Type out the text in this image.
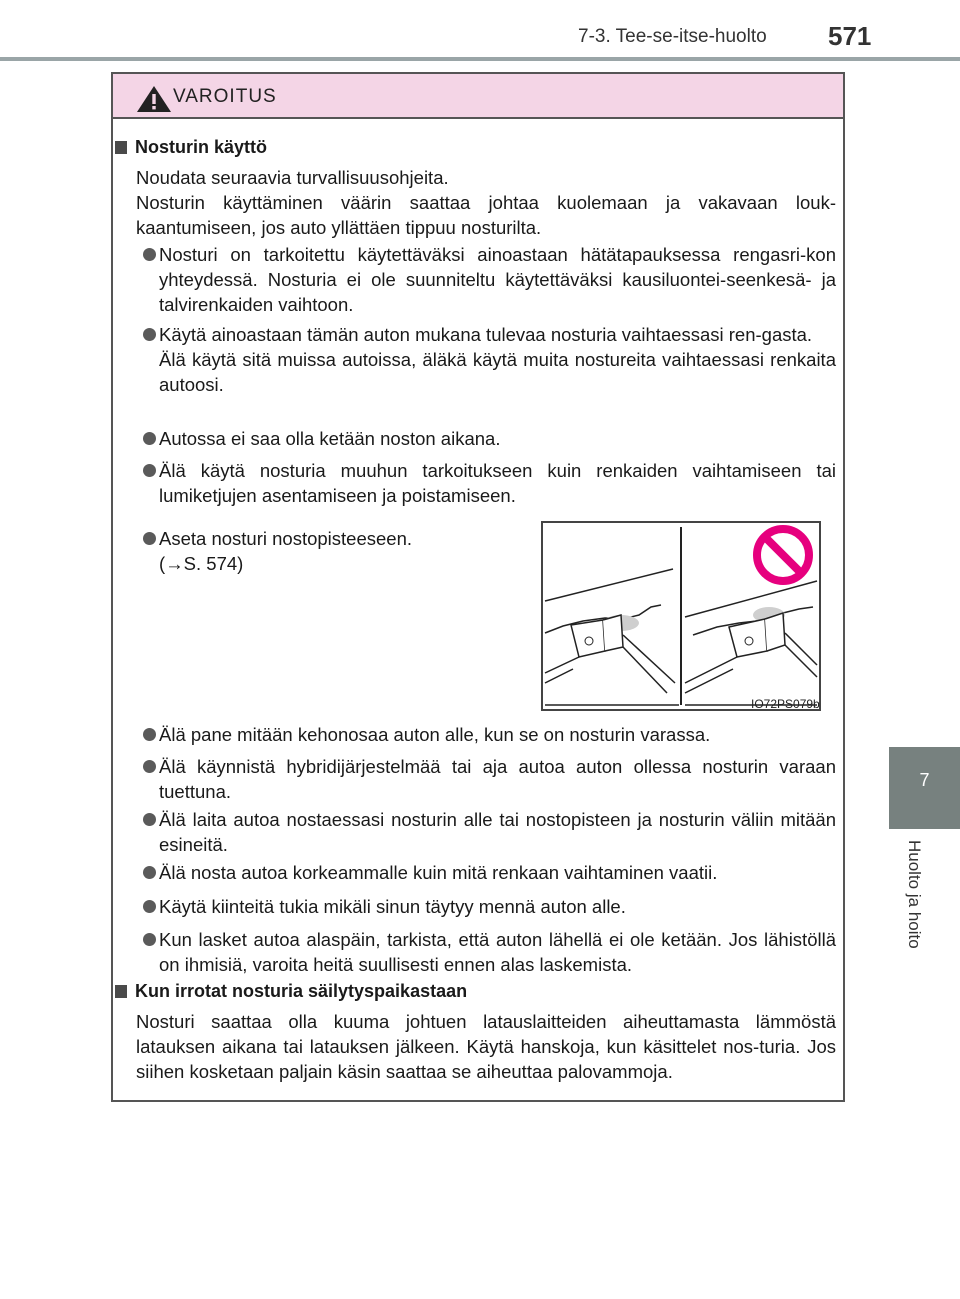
7-3. Tee-se-itse-huolto 571
7
Huolto ja hoito
VAROITUS
Nosturin käyttö
Noudata seuraavia turvallisuusohjeita.
Nosturin käyttäminen väärin saattaa johtaa kuolemaan ja vakavaan louk-kaantumiseen, jos auto yllättäen tippuu nosturilta.
Nosturi on tarkoitettu käytettäväksi ainoastaan hätätapauksessa rengasri-kon yhteydessä. Nosturia ei ole suunniteltu käytettäväksi kausiluontei-seenkesä- ja talvirenkaiden vaihtoon.
Käytä ainoastaan tämän auton mukana tulevaa nosturia vaihtaessasi ren-gasta.
Älä käytä sitä muissa autoissa, äläkä käytä muita nostureita vaihtaessasi renkaita autoosi.
Autossa ei saa olla ketään noston aikana.
Älä käytä nosturia muuhun tarkoitukseen kuin renkaiden vaihtamiseen tai lumiketjujen asentamiseen ja poistamiseen.
Aseta nosturi nostopisteeseen.
(→S. 574)
Älä pane mitään kehonosaa auton alle, kun se on nosturin varassa.
Älä käynnistä hybridijärjestelmää tai aja autoa auton ollessa nosturin varaan tuettuna.
Älä laita autoa nostaessasi nosturin alle tai nostopisteen ja nosturin väliin mitään esineitä.
Älä nosta autoa korkeammalle kuin mitä renkaan vaihtaminen vaatii.
Käytä kiinteitä tukia mikäli sinun täytyy mennä auton alle.
Kun lasket autoa alaspäin, tarkista, että auton lähellä ei ole ketään. Jos lähistöllä on ihmisiä, varoita heitä suullisesti ennen alas laskemista.
Kun irrotat nosturia säilytyspaikastaan
Nosturi saattaa olla kuuma johtuen latauslaitteiden aiheuttamasta lämmöstä latauksen aikana tai latauksen jälkeen. Käytä hanskoja, kun käsittelet nos-turia. Jos siihen kosketaan paljain käsin saattaa se aiheuttaa palovammoja.
IO72PS079b
